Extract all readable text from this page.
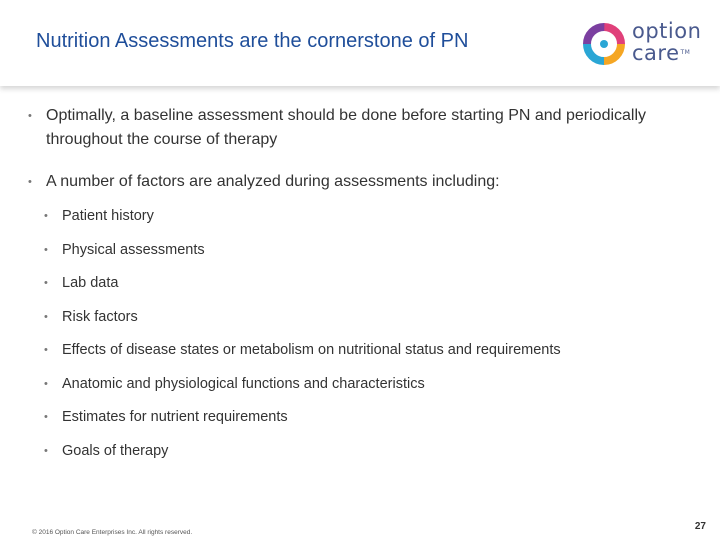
Nutrition Assessments are the cornerstone of PN	option
care™
• Optimally, a baseline assessment should be done before starting PN and periodically throughout the course of therapy
• A number of factors are analyzed during assessments including:
• Patient history
• Physical assessments
• Lab data
• Risk factors
• Effects of disease states or metabolism on nutritional status and requirements
• Anatomic and physiological functions and characteristics
• Estimates for nutrient requirements
• Goals of therapy
© 2016 Option Care Enterprises Inc. All rights reserved.
27
